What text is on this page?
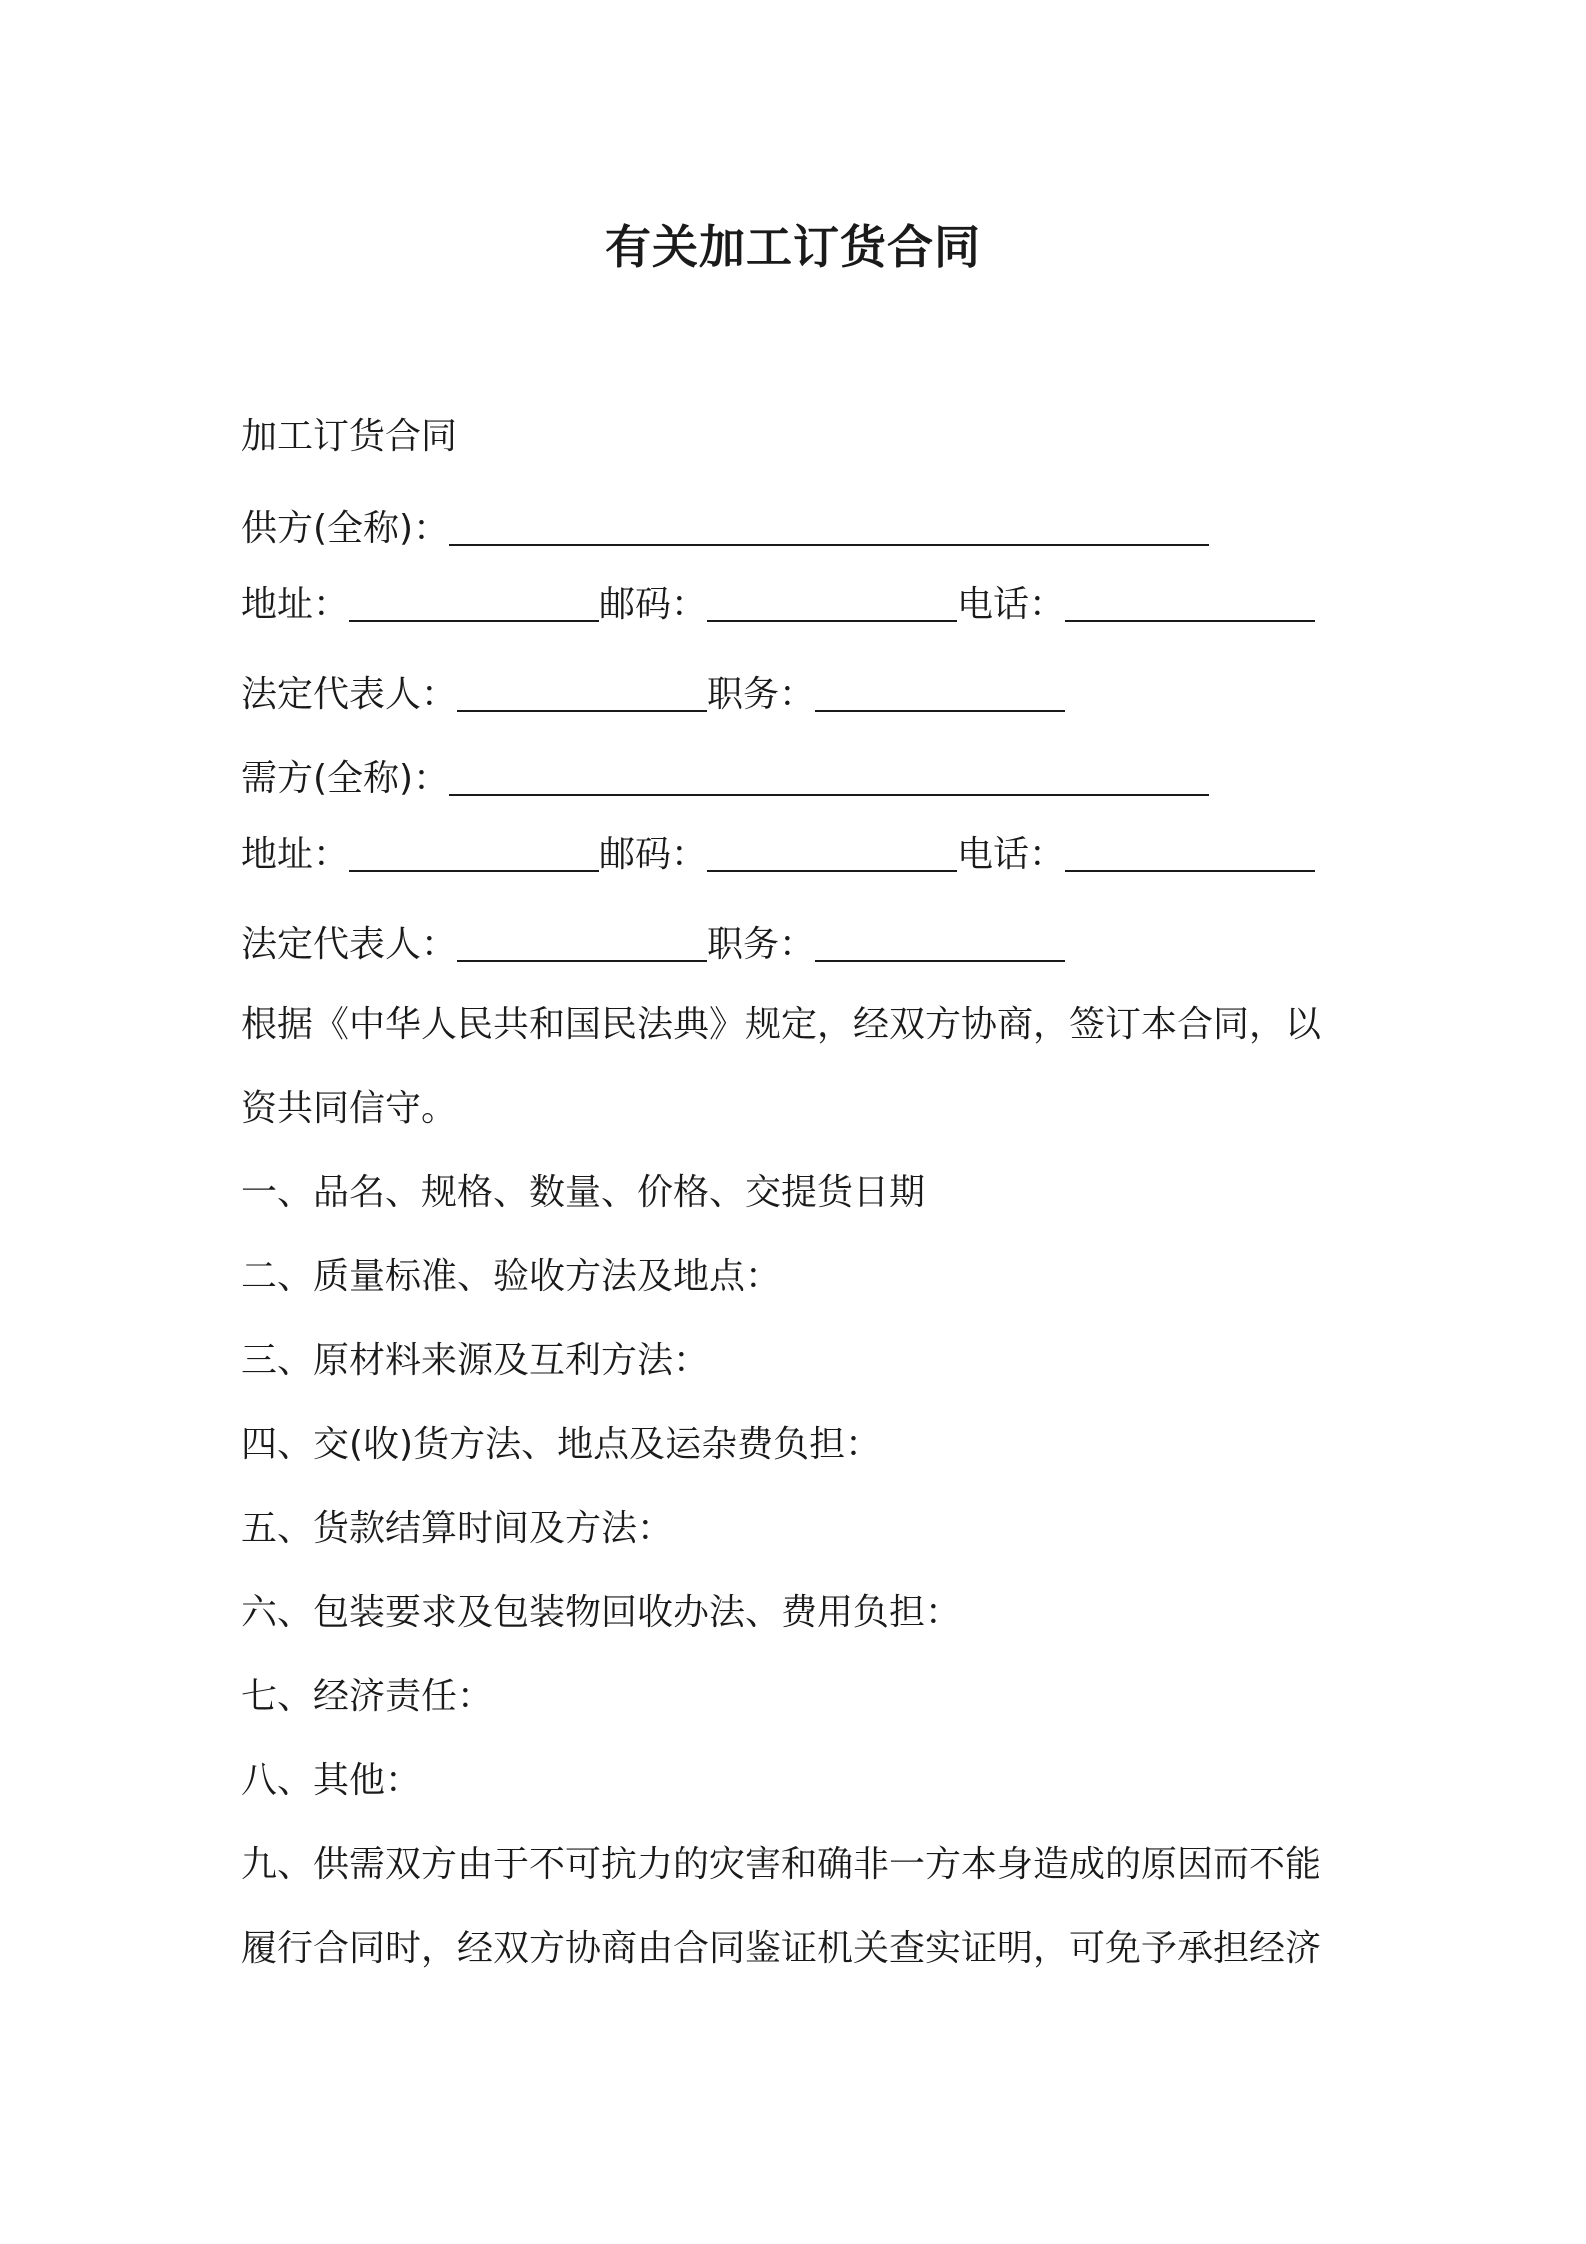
有关加工订货合同
加工订货合同
供方(全称)：
地址：	邮码：	电话：
法定代表人：	职务：
需方(全称)：
地址：	邮码：	电话：
法定代表人：	职务：
根据《中华人民共和国民法典》规定，经双方协商，签订本合同，以
资共同信守。
一、品名、规格、数量、价格、交提货日期
二、质量标准、验收方法及地点：
三、原材料来源及互利方法：
四、交(收)货方法、地点及运杂费负担：
五、货款结算时间及方法：
六、包装要求及包装物回收办法、费用负担：
七、经济责任：
八、其他：
九、供需双方由于不可抗力的灾害和确非一方本身造成的原因而不能
履行合同时，经双方协商由合同鉴证机关查实证明，可免予承担经济
